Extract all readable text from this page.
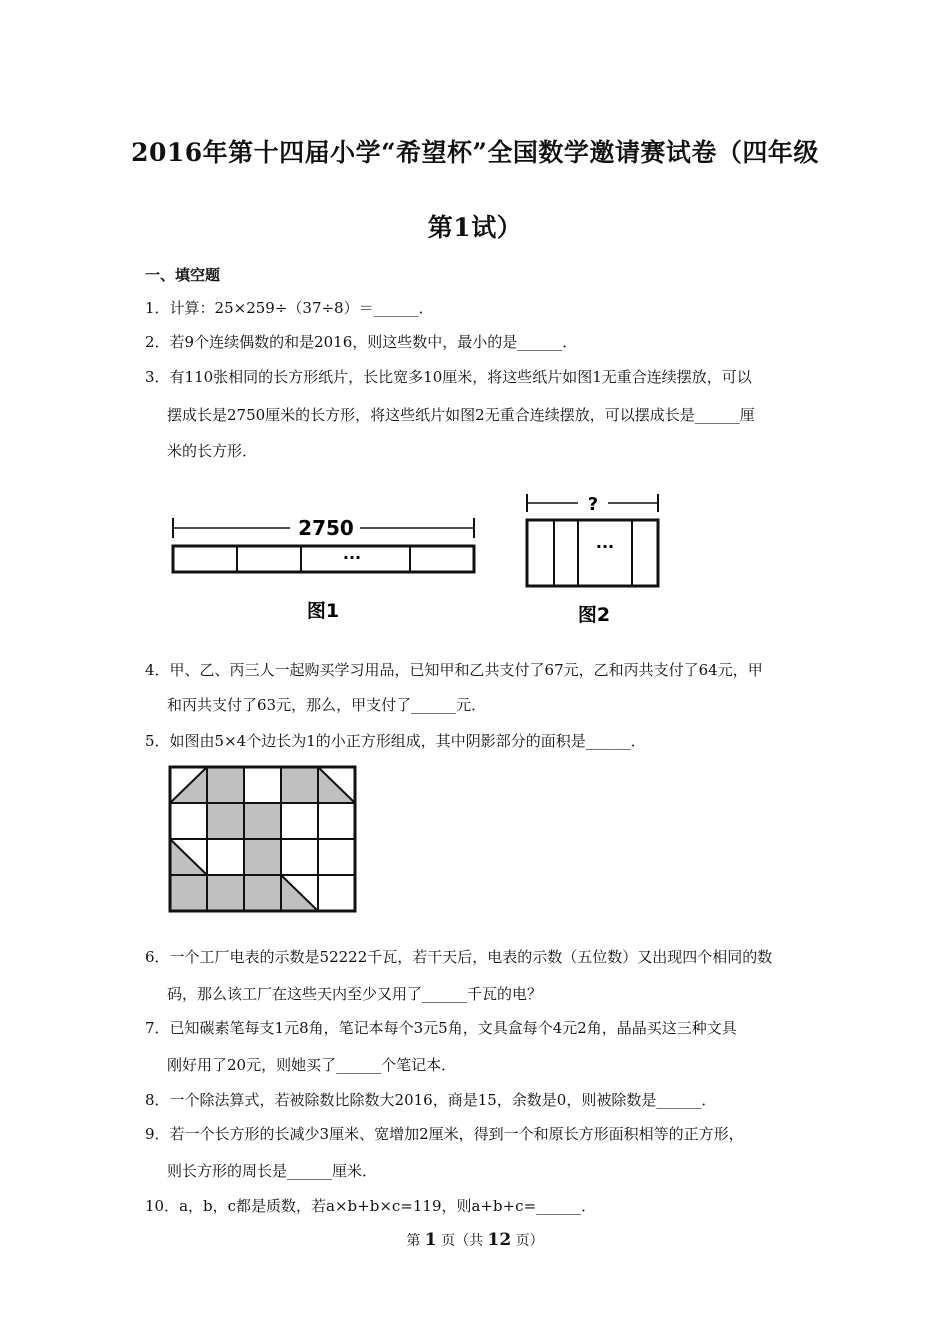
2016年第十四届小学“希望杯”全国数学邀请赛试卷（四年级
第1试）
一、填空题
1．计算：25×259÷（37÷8）＝______．
2．若9个连续偶数的和是2016，则这些数中，最小的是______．
3．有110张相同的长方形纸片，长比宽多10厘米，将这些纸片如图1无重合连续摆放，可以
摆成长是2750厘米的长方形，将这些纸片如图2无重合连续摆放，可以摆成长是______厘
米的长方形．
2750
···
图1
?
···
图2
4．甲、乙、丙三人一起购买学习用品，已知甲和乙共支付了67元，乙和丙共支付了64元，甲
和丙共支付了63元，那么，甲支付了______元．
5．如图由5×4个边长为1的小正方形组成，其中阴影部分的面积是______．
6．一个工厂电表的示数是52222千瓦，若干天后，电表的示数（五位数）又出现四个相同的数
码，那么该工厂在这些天内至少又用了______千瓦的电？
7．已知碳素笔每支1元8角，笔记本每个3元5角，文具盒每个4元2角，晶晶买这三种文具
刚好用了20元，则她买了______个笔记本．
8．一个除法算式，若被除数比除数大2016，商是15，余数是0，则被除数是______．
9．若一个长方形的长减少3厘米、宽增加2厘米，得到一个和原长方形面积相等的正方形，
则长方形的周长是______厘米．
10．a，b，c都是质数，若a×b+b×c=119，则a+b+c=______．
第 1 页（共 12 页）
